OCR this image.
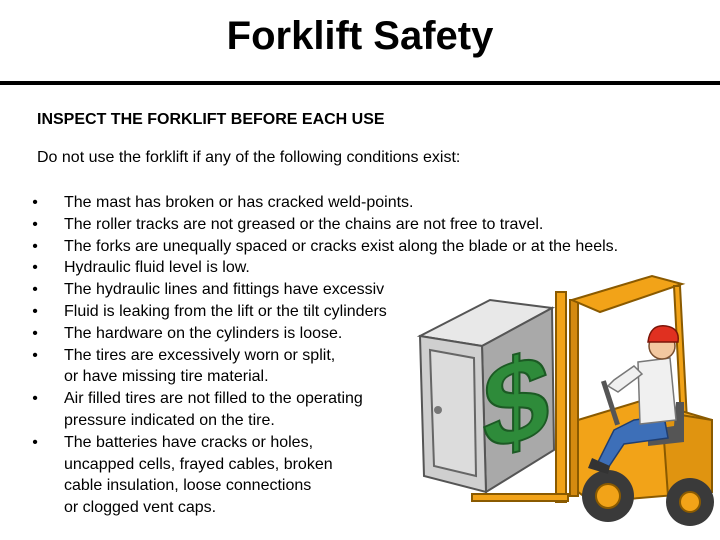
Forklift Safety
INSPECT THE FORKLIFT BEFORE EACH USE
Do not use the forklift if any of the following conditions exist:
• The mast has broken or has cracked weld-points.
• The roller tracks are not greased or the chains are not free to travel.
• The forks are unequally spaced or cracks exist along the blade or at the heels.
• Hydraulic fluid level is low.
• The hydraulic lines and fittings have excessiv
• Fluid is leaking from the lift or the tilt cylinders
• The hardware on the cylinders is loose.
• The tires are excessively worn or split,
or have missing tire material.
• Air filled tires are not filled to the operating
pressure indicated on the tire.
• The batteries have cracks or holes,
uncapped cells, frayed cables, broken
cable insulation, loose connections
or clogged vent caps.
$
